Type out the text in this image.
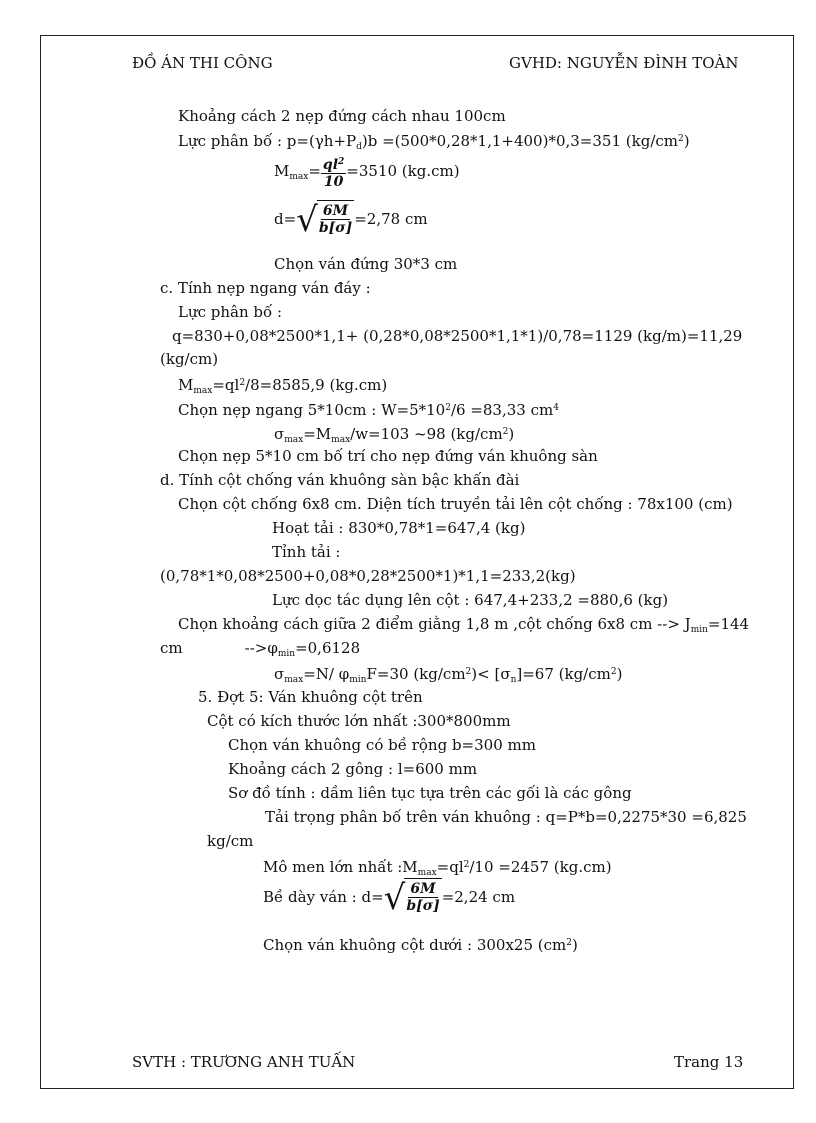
ĐỒ ÁN THI CÔNG	GVHD: NGUYỄN ĐÌNH TOÀN
Khoảng cách 2 nẹp đứng cách nhau 100cm
Lực phân bố : $p=(\gamma h+P_d)b =(500*0,28*1,1+400)*0,3=351$ $(kg/cm^2)$
$M_{max}= \frac{ql^2}{10} =3510$ (kg.cm)
d= √ $\frac{6M}{b[\sigma]} =2,78$ cm
Chọn ván đứng 30*3 cm
c. Tính nẹp ngang ván đáy :
Lực phân bố :
q=830+0,08*2500*1,1+ (0,28*0,08*2500*1,1*1)/0,78=1129 (kg/m)=11,29
(kg/cm)
$M_{max}=ql^2/8=8585,9$ (kg.cm)
Chọn nẹp ngang 5*10cm : $W=5*10^2/6 =83,33$ $cm^4$
$\sigma_{max}=M_{max}/w=103$ ~98 $(kg/cm^2)$
Chọn nẹp 5*10 cm bố trí cho nẹp đứng ván khuông sàn
d. Tính cột chống ván khuông sàn bậc khấn đài
Chọn cột chống 6x8 cm. Diện tích truyền tải lên cột chống : 78x100 (cm)
Hoạt tải : 830*0,78*1=647,4 (kg)
Tỉnh tải :
(0,78*1*0,08*2500+0,08*0,28*2500*1)*1,1=233,2(kg)
Lực dọc tác dụng lên cột : 647,4+233,2 =880,6 (kg)
Chọn khoảng cách giữa 2 điểm giằng 1,8 m ,cột chống 6x8 cm --> $J_{min}=144$
cm	$-->\varphi_{min}=0,6128$
$\sigma_{max}=N/$ $\varphi_{min}F=30$ $(kg/cm^2)< [\sigma_n]=67$ $(kg/cm^2)$
5. Đợt 5: Ván khuông cột trên
Cột có kích thước lớn nhất :300*800mm
Chọn ván khuông có bề rộng b=300 mm
Khoảng cách 2 gông : l=600 mm
Sơ đồ tính : dầm liên tục tựa trên các gối là các gông
Tải trọng phân bố trên ván khuông : q=P*b=0,2275*30 =6,825
kg/cm
Mô men lớn nhất $:M_{max}=ql^2/10 =2457$ (kg.cm)
Bề dày ván : d= √ $\frac{6M}{b[\sigma]} =2,24$ cm
Chọn ván khuông cột dưới : 300x25 $(cm^2)$
SVTH : TRƯƠNG ANH TUẤN	Trang 13
